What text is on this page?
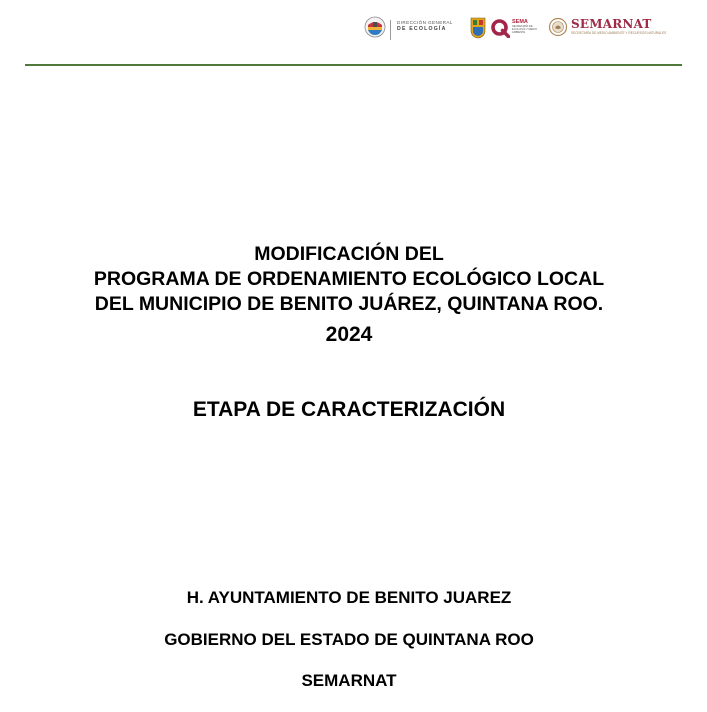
DIRECCIÓN GENERAL
DE ECOLOGÍA
SEMA
SECRETARÍA DE ECOLOGÍA Y MEDIO AMBIENTE
SEMARNAT
SECRETARÍA DE MEDIO AMBIENTE Y RECURSOS NATURALES
MODIFICACIÓN DEL
PROGRAMA DE ORDENAMIENTO ECOLÓGICO LOCAL
DEL MUNICIPIO DE BENITO JUÁREZ, QUINTANA ROO.
2024
ETAPA DE CARACTERIZACIÓN
H. AYUNTAMIENTO DE BENITO JUAREZ
GOBIERNO DEL ESTADO DE QUINTANA ROO
SEMARNAT
